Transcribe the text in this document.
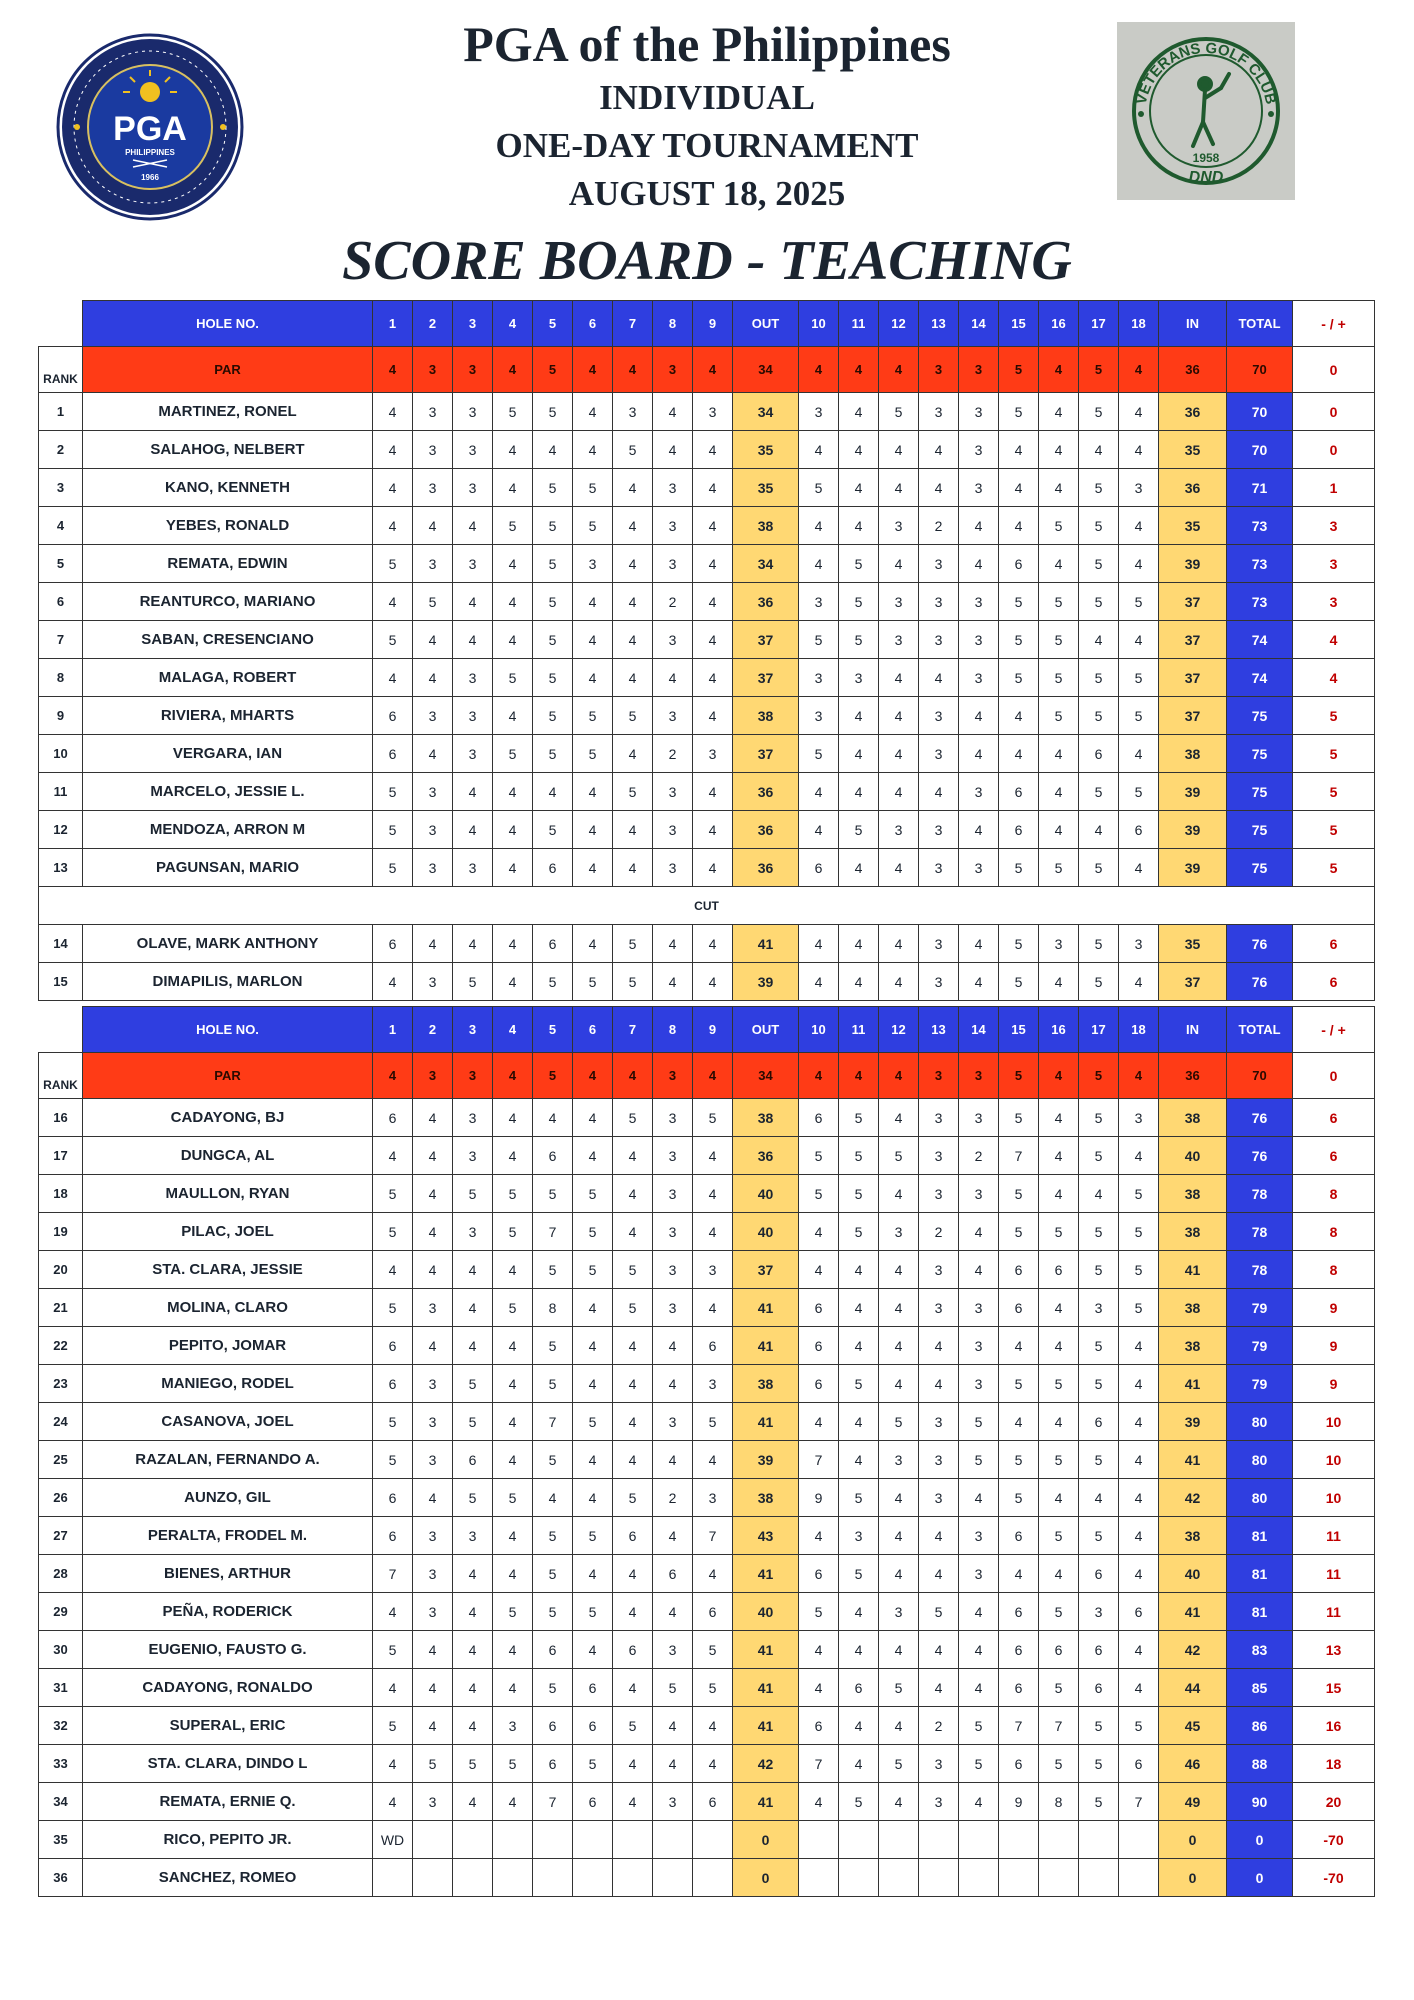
PGA
PHILIPPINES
1966
PGA of the Philippines
INDIVIDUAL
ONE-DAY TOURNAMENT
AUGUST 18, 2025
SCORE BOARD - TEACHING
VETERANS GOLF CLUB
1958
DND
	HOLE NO.	1	2	3	4	5	6	7	8	9	OUT	10	11	12	13	14	15	16	17	18	IN	TOTAL	- / +
RANK	PAR	4	3	3	4	5	4	4	3	4	34	4	4	4	3	3	5	4	5	4	36	70	0
1	MARTINEZ, RONEL	4	3	3	5	5	4	3	4	3	34	3	4	5	3	3	5	4	5	4	36	70	0
2	SALAHOG, NELBERT	4	3	3	4	4	4	5	4	4	35	4	4	4	4	3	4	4	4	4	35	70	0
3	KANO, KENNETH	4	3	3	4	5	5	4	3	4	35	5	4	4	4	3	4	4	5	3	36	71	1
4	YEBES, RONALD	4	4	4	5	5	5	4	3	4	38	4	4	3	2	4	4	5	5	4	35	73	3
5	REMATA, EDWIN	5	3	3	4	5	3	4	3	4	34	4	5	4	3	4	6	4	5	4	39	73	3
6	REANTURCO, MARIANO	4	5	4	4	5	4	4	2	4	36	3	5	3	3	3	5	5	5	5	37	73	3
7	SABAN, CRESENCIANO	5	4	4	4	5	4	4	3	4	37	5	5	3	3	3	5	5	4	4	37	74	4
8	MALAGA, ROBERT	4	4	3	5	5	4	4	4	4	37	3	3	4	4	3	5	5	5	5	37	74	4
9	RIVIERA, MHARTS	6	3	3	4	5	5	5	3	4	38	3	4	4	3	4	4	5	5	5	37	75	5
10	VERGARA, IAN	6	4	3	5	5	5	4	2	3	37	5	4	4	3	4	4	4	6	4	38	75	5
11	MARCELO, JESSIE L.	5	3	4	4	4	4	5	3	4	36	4	4	4	4	3	6	4	5	5	39	75	5
12	MENDOZA, ARRON M	5	3	4	4	5	4	4	3	4	36	4	5	3	3	4	6	4	4	6	39	75	5
13	PAGUNSAN, MARIO	5	3	3	4	6	4	4	3	4	36	6	4	4	3	3	5	5	5	4	39	75	5
CUT																							
14	OLAVE, MARK ANTHONY	6	4	4	4	6	4	5	4	4	41	4	4	4	3	4	5	3	5	3	35	76	6
15	DIMAPILIS, MARLON	4	3	5	4	5	5	5	4	4	39	4	4	4	3	4	5	4	5	4	37	76	6
	HOLE NO.	1	2	3	4	5	6	7	8	9	OUT	10	11	12	13	14	15	16	17	18	IN	TOTAL	- / +
RANK	PAR	4	3	3	4	5	4	4	3	4	34	4	4	4	3	3	5	4	5	4	36	70	0
16	CADAYONG, BJ	6	4	3	4	4	4	5	3	5	38	6	5	4	3	3	5	4	5	3	38	76	6
17	DUNGCA, AL	4	4	3	4	6	4	4	3	4	36	5	5	5	3	2	7	4	5	4	40	76	6
18	MAULLON, RYAN	5	4	5	5	5	5	4	3	4	40	5	5	4	3	3	5	4	4	5	38	78	8
19	PILAC, JOEL	5	4	3	5	7	5	4	3	4	40	4	5	3	2	4	5	5	5	5	38	78	8
20	STA. CLARA, JESSIE	4	4	4	4	5	5	5	3	3	37	4	4	4	3	4	6	6	5	5	41	78	8
21	MOLINA, CLARO	5	3	4	5	8	4	5	3	4	41	6	4	4	3	3	6	4	3	5	38	79	9
22	PEPITO, JOMAR	6	4	4	4	5	4	4	4	6	41	6	4	4	4	3	4	4	5	4	38	79	9
23	MANIEGO, RODEL	6	3	5	4	5	4	4	4	3	38	6	5	4	4	3	5	5	5	4	41	79	9
24	CASANOVA, JOEL	5	3	5	4	7	5	4	3	5	41	4	4	5	3	5	4	4	6	4	39	80	10
25	RAZALAN, FERNANDO A.	5	3	6	4	5	4	4	4	4	39	7	4	3	3	5	5	5	5	4	41	80	10
26	AUNZO, GIL	6	4	5	5	4	4	5	2	3	38	9	5	4	3	4	5	4	4	4	42	80	10
27	PERALTA, FRODEL M.	6	3	3	4	5	5	6	4	7	43	4	3	4	4	3	6	5	5	4	38	81	11
28	BIENES, ARTHUR	7	3	4	4	5	4	4	6	4	41	6	5	4	4	3	4	4	6	4	40	81	11
29	PEÑA, RODERICK	4	3	4	5	5	5	4	4	6	40	5	4	3	5	4	6	5	3	6	41	81	11
30	EUGENIO, FAUSTO G.	5	4	4	4	6	4	6	3	5	41	4	4	4	4	4	6	6	6	4	42	83	13
31	CADAYONG, RONALDO	4	4	4	4	5	6	4	5	5	41	4	6	5	4	4	6	5	6	4	44	85	15
32	SUPERAL, ERIC	5	4	4	3	6	6	5	4	4	41	6	4	4	2	5	7	7	5	5	45	86	16
33	STA. CLARA, DINDO L	4	5	5	5	6	5	4	4	4	42	7	4	5	3	5	6	5	5	6	46	88	18
34	REMATA, ERNIE Q.	4	3	4	4	7	6	4	3	6	41	4	5	4	3	4	9	8	5	7	49	90	20
35	RICO, PEPITO JR.	WD									0										0	0	-70
36	SANCHEZ, ROMEO										0										0	0	-70
